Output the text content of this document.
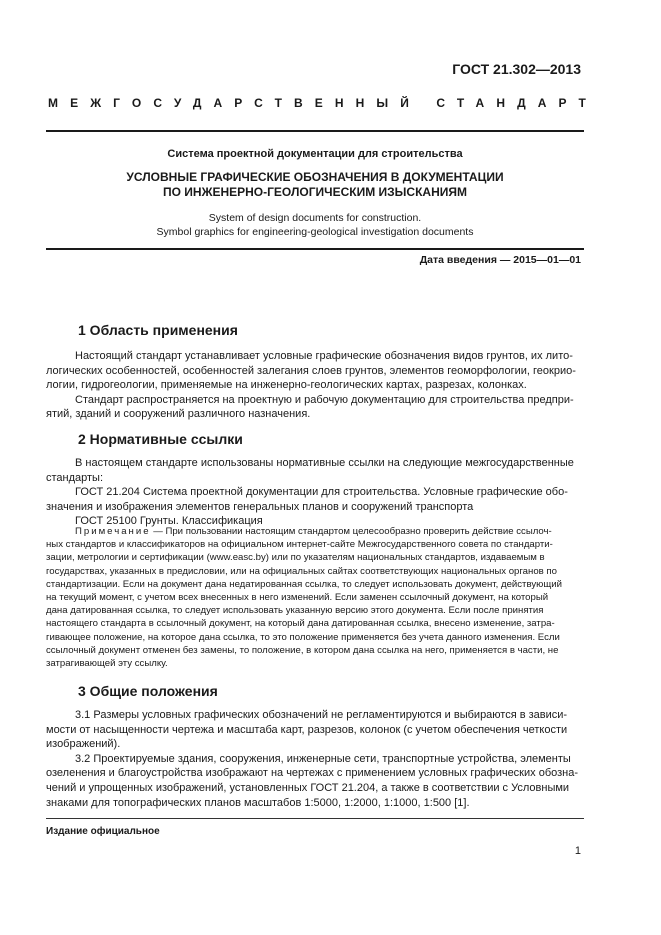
ГОСТ 21.302—2013
МЕЖГОСУДАРСТВЕННЫЙ СТАНДАРТ
Система проектной документации для строительства
УСЛОВНЫЕ ГРАФИЧЕСКИЕ ОБОЗНАЧЕНИЯ В ДОКУМЕНТАЦИИ
ПО ИНЖЕНЕРНО-ГЕОЛОГИЧЕСКИМ ИЗЫСКАНИЯМ
System of design documents for construction.
Symbol graphics for engineering-geological investigation documents
Дата введения — 2015—01—01
1 Область применения
Настоящий стандарт устанавливает условные графические обозначения видов грунтов, их лито-
логических особенностей, особенностей залегания слоев грунтов, элементов геоморфологии, геокрио-
логии, гидрогеологии, применяемые на инженерно-геологических картах, разрезах, колонках.
Стандарт распространяется на проектную и рабочую документацию для строительства предпри-
ятий, зданий и сооружений различного назначения.
2 Нормативные ссылки
В настоящем стандарте использованы нормативные ссылки на следующие межгосударственные
стандарты:
ГОСТ 21.204 Система проектной документации для строительства. Условные графические обо-
значения и изображения элементов генеральных планов и сооружений транспорта
ГОСТ 25100 Грунты. Классификация
Примечание — При пользовании настоящим стандартом целесообразно проверить действие ссылоч-
ных стандартов и классификаторов на официальном интернет-сайте Межгосударственного совета по стандарти-
зации, метрологии и сертификации (www.easc.by) или по указателям национальных стандартов, издаваемым в
государствах, указанных в предисловии, или на официальных сайтах соответствующих национальных органов по
стандартизации. Если на документ дана недатированная ссылка, то следует использовать документ, действующий
на текущий момент, с учетом всех внесенных в него изменений. Если заменен ссылочный документ, на который
дана датированная ссылка, то следует использовать указанную версию этого документа. Если после принятия
настоящего стандарта в ссылочный документ, на который дана датированная ссылка, внесено изменение, затра-
гивающее положение, на которое дана ссылка, то это положение применяется без учета данного изменения. Если
ссылочный документ отменен без замены, то положение, в котором дана ссылка на него, применяется в части, не
затрагивающей эту ссылку.
3 Общие положения
3.1 Размеры условных графических обозначений не регламентируются и выбираются в зависи-
мости от насыщенности чертежа и масштаба карт, разрезов, колонок (с учетом обеспечения четкости
изображений).
3.2 Проектируемые здания, сооружения, инженерные сети, транспортные устройства, элементы
озеленения и благоустройства изображают на чертежах с применением условных графических обозна-
чений и упрощенных изображений, установленных ГОСТ 21.204, а также в соответствии с Условными
знаками для топографических планов масштабов 1:5000, 1:2000, 1:1000, 1:500 [1].
Издание официальное
1
